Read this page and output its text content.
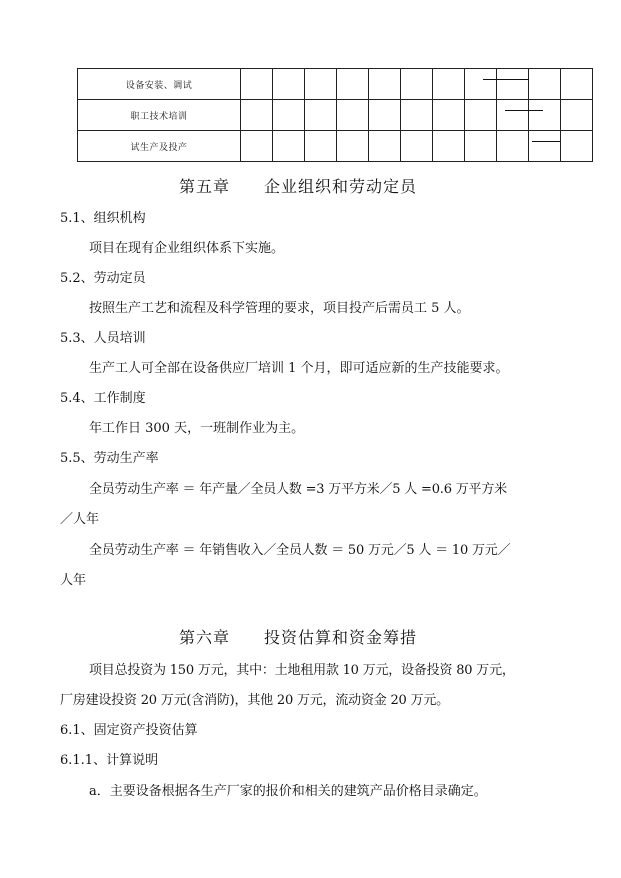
设备安装、调试								

职工技术培训									

试生产及投产										

第五章　　企业组织和劳动定员
5.1、组织机构
项目在现有企业组织体系下实施。
5.2、劳动定员
按照生产工艺和流程及科学管理的要求，项目投产后需员工 5 人。
5.3、人员培训
生产工人可全部在设备供应厂培训 1 个月，即可适应新的生产技能要求。
5.4、工作制度
年工作日 300 天，一班制作业为主。
5.5、劳动生产率
全员劳动生产率 ＝ 年产量／全员人数 =3 万平方米／5 人 =0.6 万平方米
／人年
全员劳动生产率 ＝ 年销售收入／全员人数 ＝ 50 万元／5 人 ＝ 10 万元／
人年
第六章　　投资估算和资金筹措
项目总投资为 150 万元，其中：土地租用款 10 万元，设备投资 80 万元，
厂房建设投资 20 万元(含消防)，其他 20 万元，流动资金 20 万元。
6.1、固定资产投资估算
6.1.1、计算说明
a．主要设备根据各生产厂家的报价和相关的建筑产品价格目录确定。
